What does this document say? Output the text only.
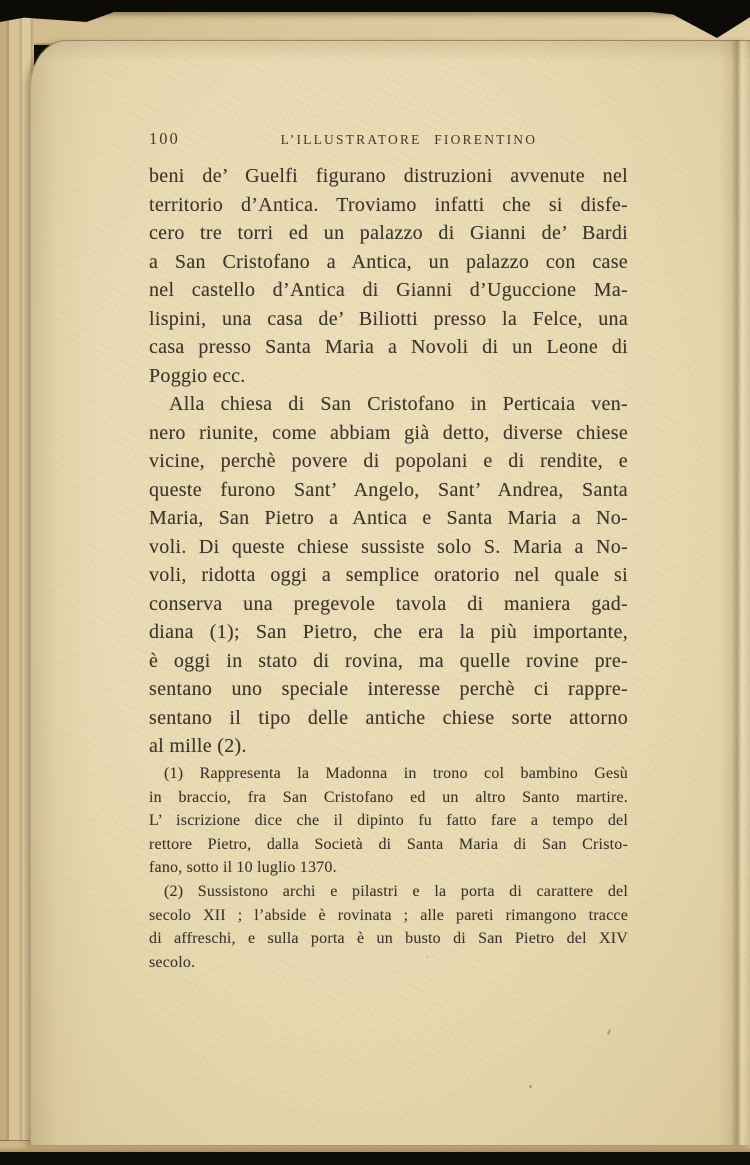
100	L’ILLUSTRATORE FIORENTINO
beni de’ Guelfi figurano distruzioni avvenute nel
territorio d’Antica. Troviamo infatti che si disfe-
cero tre torri ed un palazzo di Gianni de’ Bardi
a San Cristofano a Antica, un palazzo con case
nel castello d’Antica di Gianni d’Uguccione Ma-
lispini, una casa de’ Biliotti presso la Felce, una
casa presso Santa Maria a Novoli di un Leone di
Poggio ecc.
Alla chiesa di San Cristofano in Perticaia ven-
nero riunite, come abbiam già detto, diverse chiese
vicine, perchè povere di popolani e di rendite, e
queste furono Sant’ Angelo, Sant’ Andrea, Santa
Maria, San Pietro a Antica e Santa Maria a No-
voli. Di queste chiese sussiste solo S. Maria a No-
voli, ridotta oggi a semplice oratorio nel quale si
conserva una pregevole tavola di maniera gad-
diana (1); San Pietro, che era la più importante,
è oggi in stato di rovina, ma quelle rovine pre-
sentano uno speciale interesse perchè ci rappre-
sentano il tipo delle antiche chiese sorte attorno
al mille (2).
(1) Rappresenta la Madonna in trono col bambino Gesù
in braccio, fra San Cristofano ed un altro Santo martire.
L’ iscrizione dice che il dipinto fu fatto fare a tempo del
rettore Pietro, dalla Società di Santa Maria di San Cristo-
fano, sotto il 10 luglio 1370.
(2) Sussistono archi e pilastri e la porta di carattere del
secolo XII ; l’abside è rovinata ; alle pareti rimangono tracce
di affreschi, e sulla porta è un busto di San Pietro del XIV
secolo.
